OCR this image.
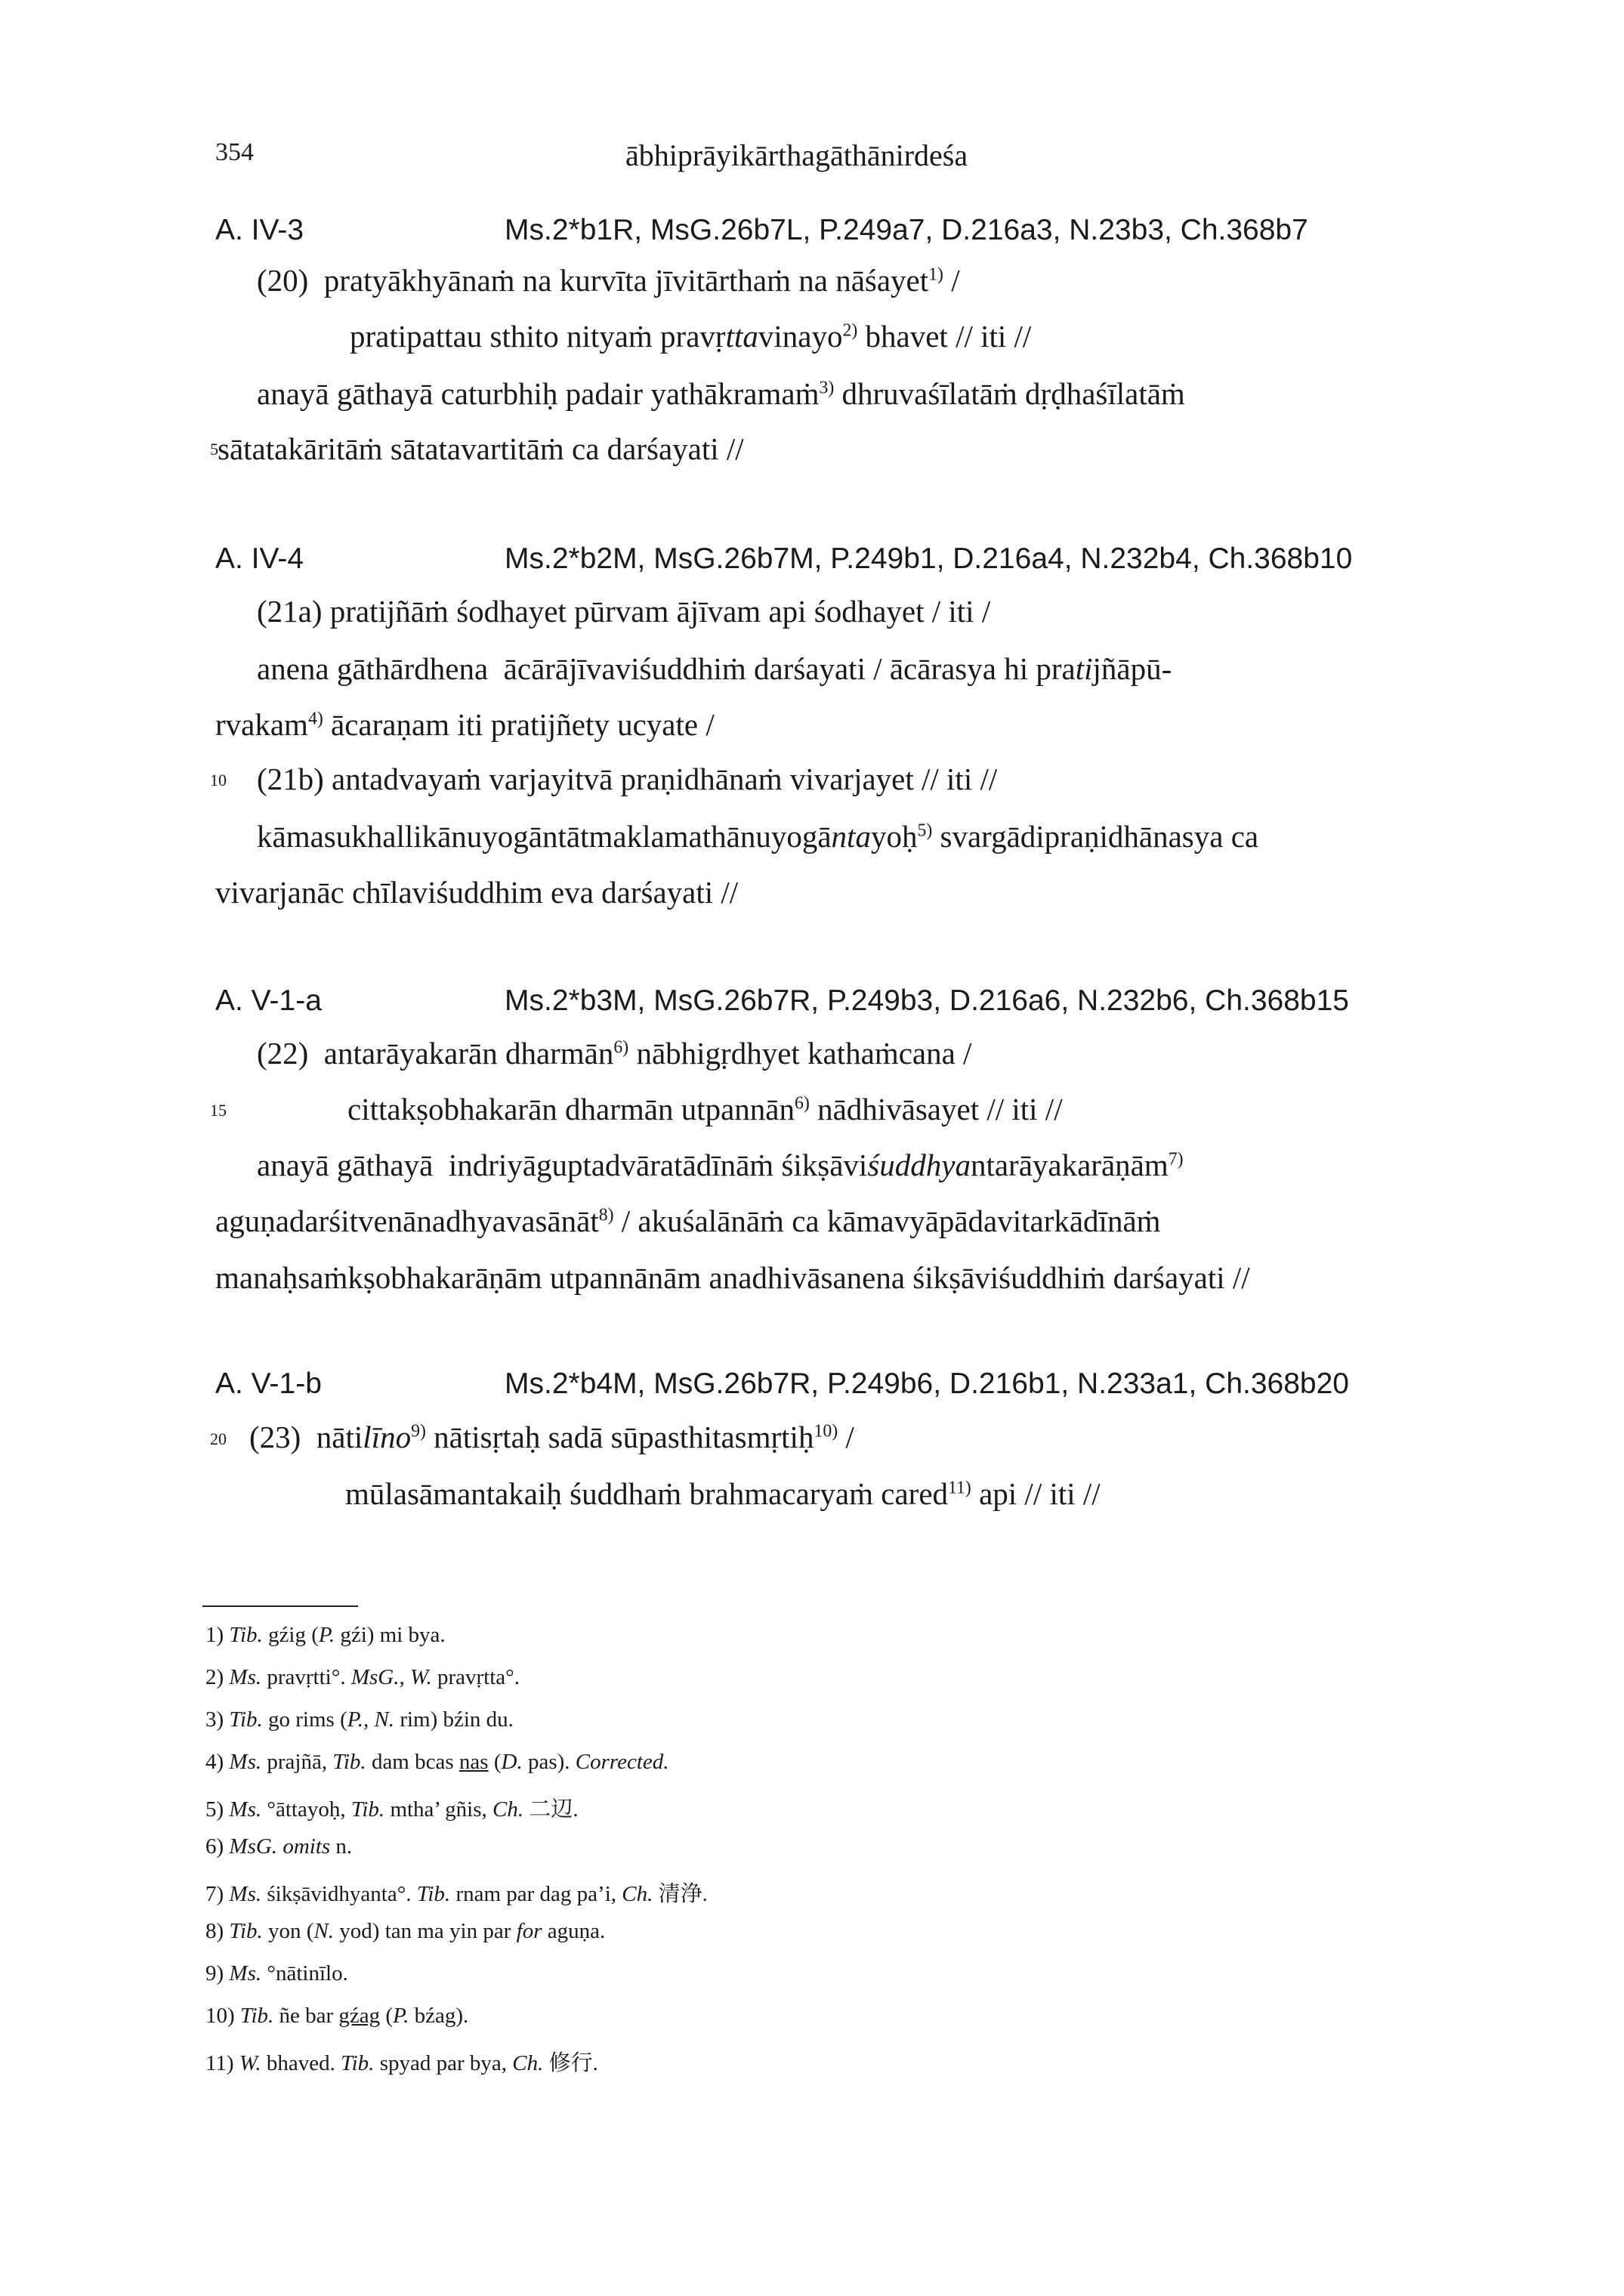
354	ābhiprāyikārthagāthānirdeśa
A. IV-3	Ms.2*b1R, MsG.26b7L, P.249a7, D.216a3, N.23b3, Ch.368b7
(20)  pratyākhyānaṁ na kurvīta jīvitārthaṁ na nāśayet$^{1)}$ /
pratipattau sthito nityaṁ pravṛttavinayo$^{2)}$ bhavet // iti //
anayā gāthayā caturbhiḥ padair yathākramaṁ$^{3)}$ dhruvaśīlatāṁ dṛḍhaśīlatāṁ
5 sātatakāritāṁ sātatavartitāṁ ca darśayati //
A. IV-4	Ms.2*b2M, MsG.26b7M, P.249b1, D.216a4, N.232b4, Ch.368b10
(21a) pratijñāṁ śodhayet pūrvam ājīvam api śodhayet / iti /
anena gāthārdhena  ācārājīvaviśuddhiṁ darśayati / ācārasya hi pratijñāpū-
rvakam$^{4)}$ ācaraṇam iti pratijñety ucyate /
10 (21b) antadvayaṁ varjayitvā praṇidhānaṁ vivarjayet // iti //
kāmasukhallikānuyogāntātmaklamathānuyogāntayoḥ$^{5)}$ svargādipraṇidhānasya ca
vivarjanāc chīlaviśuddhim eva darśayati //
A. V-1-a	Ms.2*b3M, MsG.26b7R, P.249b3, D.216a6, N.232b6, Ch.368b15
(22)  antarāyakarān dharmān$^{6)}$ nābhigṛdhyet kathaṁcana /
15	cittakṣobhakarān dharmān utpannān$^{6)}$ nādhivāsayet // iti //
anayā gāthayā  indriyāguptadvāratādīnāṁ śikṣāviśuddhyantarāyakarāṇām$^{7)}$
aguṇadarśitvenānadhyavasānāt$^{8)}$ / akuśalānāṁ ca kāmavyāpādavitarkādīnāṁ
manaḥsaṁkṣobhakarāṇām utpannānām anadhivāsanena śikṣāviśuddhiṁ darśayati //
A. V-1-b	Ms.2*b4M, MsG.26b7R, P.249b6, D.216b1, N.233a1, Ch.368b20
20 (23)  nātilīno$^{9)}$ nātisṛtaḥ sadā sūpasthitasmṛtiḥ$^{10)}$ /
mūlasāmantakaiḥ śuddhaṁ brahmacaryaṁ cared$^{11)}$ api // iti //
1) Tib. gźig (P. gźi) mi bya.
2) Ms. pravṛtti°. MsG., W. pravṛtta°.
3) Tib. go rims (P., N. rim) bźin du.
4) Ms. prajñā, Tib. dam bcas nas (D. pas). Corrected.
5) Ms. °āttayoḥ, Tib. mtha’ gñis, Ch. 二辺.
6) MsG. omits n.
7) Ms. śikṣāvidhyanta°. Tib. rnam par dag pa’i, Ch. 清浄.
8) Tib. yon (N. yod) tan ma yin par for aguṇa.
9) Ms. °nātinīlo.
10) Tib. ñe bar gźag (P. bźag).
11) W. bhaved. Tib. spyad par bya, Ch. 修行.
